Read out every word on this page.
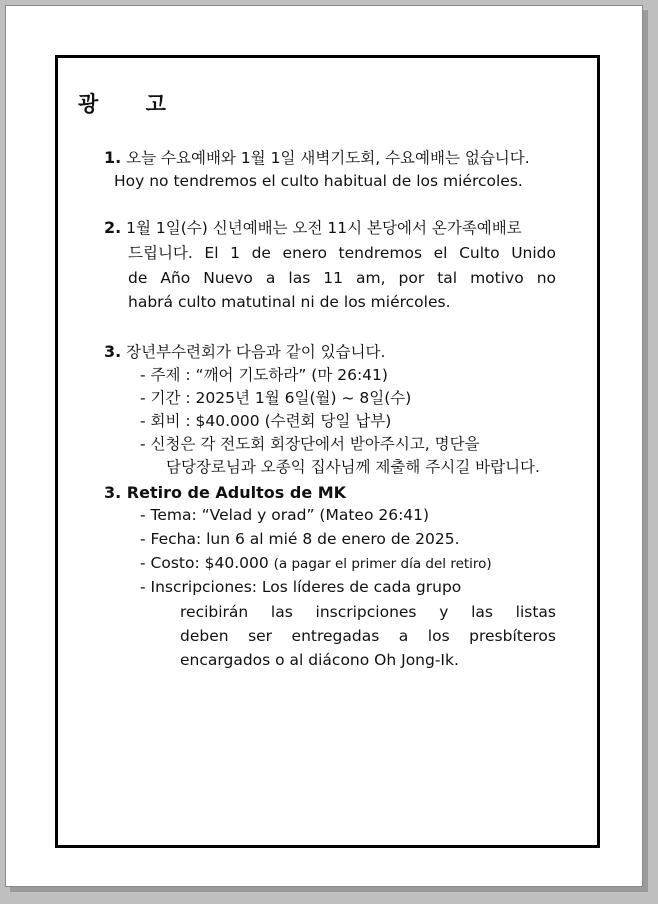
광 고
1. 오늘 수요예배와 1월 1일 새벽기도회, 수요예배는 없습니다.
Hoy no tendremos el culto habitual de los miércoles.
2. 1월 1일(수) 신년예배는 오전 11시 본당에서 온가족예배로
드립니다. El 1 de enero tendremos el Culto Unido
de Año Nuevo a las 11 am, por tal motivo no
habrá culto matutinal ni de los miércoles.
3. 장년부수련회가 다음과 같이 있습니다.
- 주제 : “깨어 기도하라” (마 26:41)
- 기간 : 2025년 1월 6일(월) ~ 8일(수)
- 회비 : $40.000 (수련회 당일 납부)
- 신청은 각 전도회 회장단에서 받아주시고, 명단을
담당장로님과 오종익 집사님께 제출해 주시길 바랍니다.
3. Retiro de Adultos de MK
- Tema: “Velad y orad” (Mateo 26:41)
- Fecha: lun 6 al mié 8 de enero de 2025.
- Costo: $40.000 (a pagar el primer día del retiro)
- Inscripciones: Los líderes de cada grupo
recibirán las inscripciones y las listas
deben ser entregadas a los presbíteros
encargados o al diácono Oh Jong-Ik.
